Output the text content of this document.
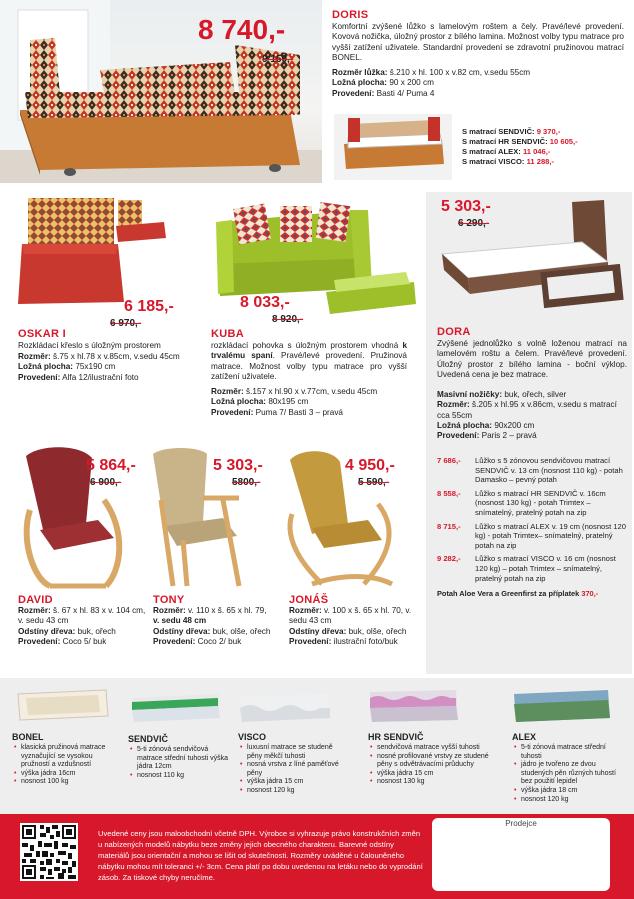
8 740,-
9 150,-
DORIS
Komfortní zvýšené lůžko s lamelovým roštem a čely. Pravé/levé provedení. Kovová nožička, úložný prostor z bílého lamina. Možnost volby typu matrace pro vyšší zatížení uživatele. Standardní provedení se zdravotní pružinovou matrací BONEL.
Rozměr lůžka: š.210 x hl. 100 x v.82 cm, v.sedu 55cm
Ložná plocha: 90 x 200 cm
Provedení: Basti 4/ Puma 4
S matrací SENDVIČ: 9 370,-
S matrací HR SENDVIČ: 10 605,-
S matrací ALEX: 11 046,-
S matrací VISCO: 11 288,-
6 185,-
6 970,-
OSKAR I
Rozkládací křeslo s úložným prostorem
Rozměr: š.75 x hl.78 x v.85cm, v.sedu 45cm
Ložná plocha: 75x190 cm
Provedení: Alfa 12/ilustrační foto
8 033,-
8 920,-
KUBA
rozkládací pohovka s úložným prostorem vhodná k trvalému spaní. Pravé/levé provedení. Pružinová matrace. Možnost volby typu matrace pro vyšší zatížení uživatele.
Rozměr: š.157 x hl.90 x v.77cm, v.sedu 45cm
Ložná plocha: 80x195 cm
Provedení: Puma 7/ Basti 3 – pravá
5 303,-
6 290,-
DORA
Zvýšené jednolůžko s volně loženou matrací na lamelovém roštu a čelem. Pravé/levé provedení. Úložný prostor z bílého lamina - boční výklop. Uvedená cena je bez matrace.
Masivní nožičky: buk, ořech, silver
Rozměr: š.205 x hl.95 x v.86cm, v.sedu s matrací cca 55cm
Ložná plocha: 90x200 cm
Provedení: Paris 2 – pravá
7 686,- Lůžko s 5 zónovou sendvičovou matrací SENDVIČ v. 13 cm (nosnost 110 kg) - potah Damasko – pevný potah
8 558,- Lůžko s matrací HR SENDVIČ v. 16cm (nosnost 130 kg) - potah Trimtex – snímatelný, pratelný potah na zip
8 715,- Lůžko s matrací ALEX v. 19 cm (nosnost 120 kg) - potah Trimtex– snímatelný, pratelný potah na zip
9 282,- Lůžko s matrací VISCO v. 16 cm (nosnost 120 kg) – potah Trimtex – snímatelný, pratelný potah na zip
Potah Aloe Vera a Greenfirst za příplatek 370,-
5 864,-
6 900,-
DAVID
Rozměr: š. 67 x hl. 83 x v. 104 cm, v. sedu 43 cm
Odstíny dřeva: buk, ořech
Provedení: Coco 5/ buk
5 303,-
5800,-
TONY
Rozměr: v. 110 x š. 65 x hl. 79,
v. sedu 48 cm
Odstíny dřeva: buk, olše, ořech
Provedení: Coco 2/ buk
4 950,-
5 590,-
JONÁŠ
Rozměr: v. 100 x š. 65 x hl. 70, v. sedu 43 cm
Odstíny dřeva: buk, olše, ořech
Provedení: ilustrační foto/buk
BONEL
• klasická pružinová matrace vyznačující se vysokou pružností a vzdušností
• výška jádra 16cm
• nosnost 100 kg
SENDVIČ
• 5-ti zónová sendvičová matrace střední tuhosti výška jádra 12cm
• nosnost 110 kg
VISCO
• luxusní matrace se studeně pěny měkčí tuhosti
• nosná vrstva z líné paměťové pěny
• výška jádra 15 cm
• nosnost 120 kg
HR SENDVIČ
• sendvičová matrace vyšší tuhosti
• nosné profilované vrstvy ze studené pěny s odvětrávacími průduchy
• výška jádra 15 cm
• nosnost 130 kg
ALEX
• 5-ti zónová matrace střední tuhosti
• jádro je tvořeno ze dvou studených pěn různých tuhostí bez použití lepidel
• výška jádra 18 cm
• nosnost 120 kg
Uvedené ceny jsou maloobchodní včetně DPH. Výrobce si vyhrazuje právo konstrukčních změn u nabízených modelů nábytku beze změny jejich obecného charakteru. Barevné odstíny materiálů jsou orientační a mohou se lišit od skutečnosti. Rozměry uváděné u čalouněného nábytku mohou mít toleranci +/- 3cm. Cena platí po dobu uvedenou na letáku nebo do vyprodání zásob. Za tiskové chyby neručíme.
Prodejce
